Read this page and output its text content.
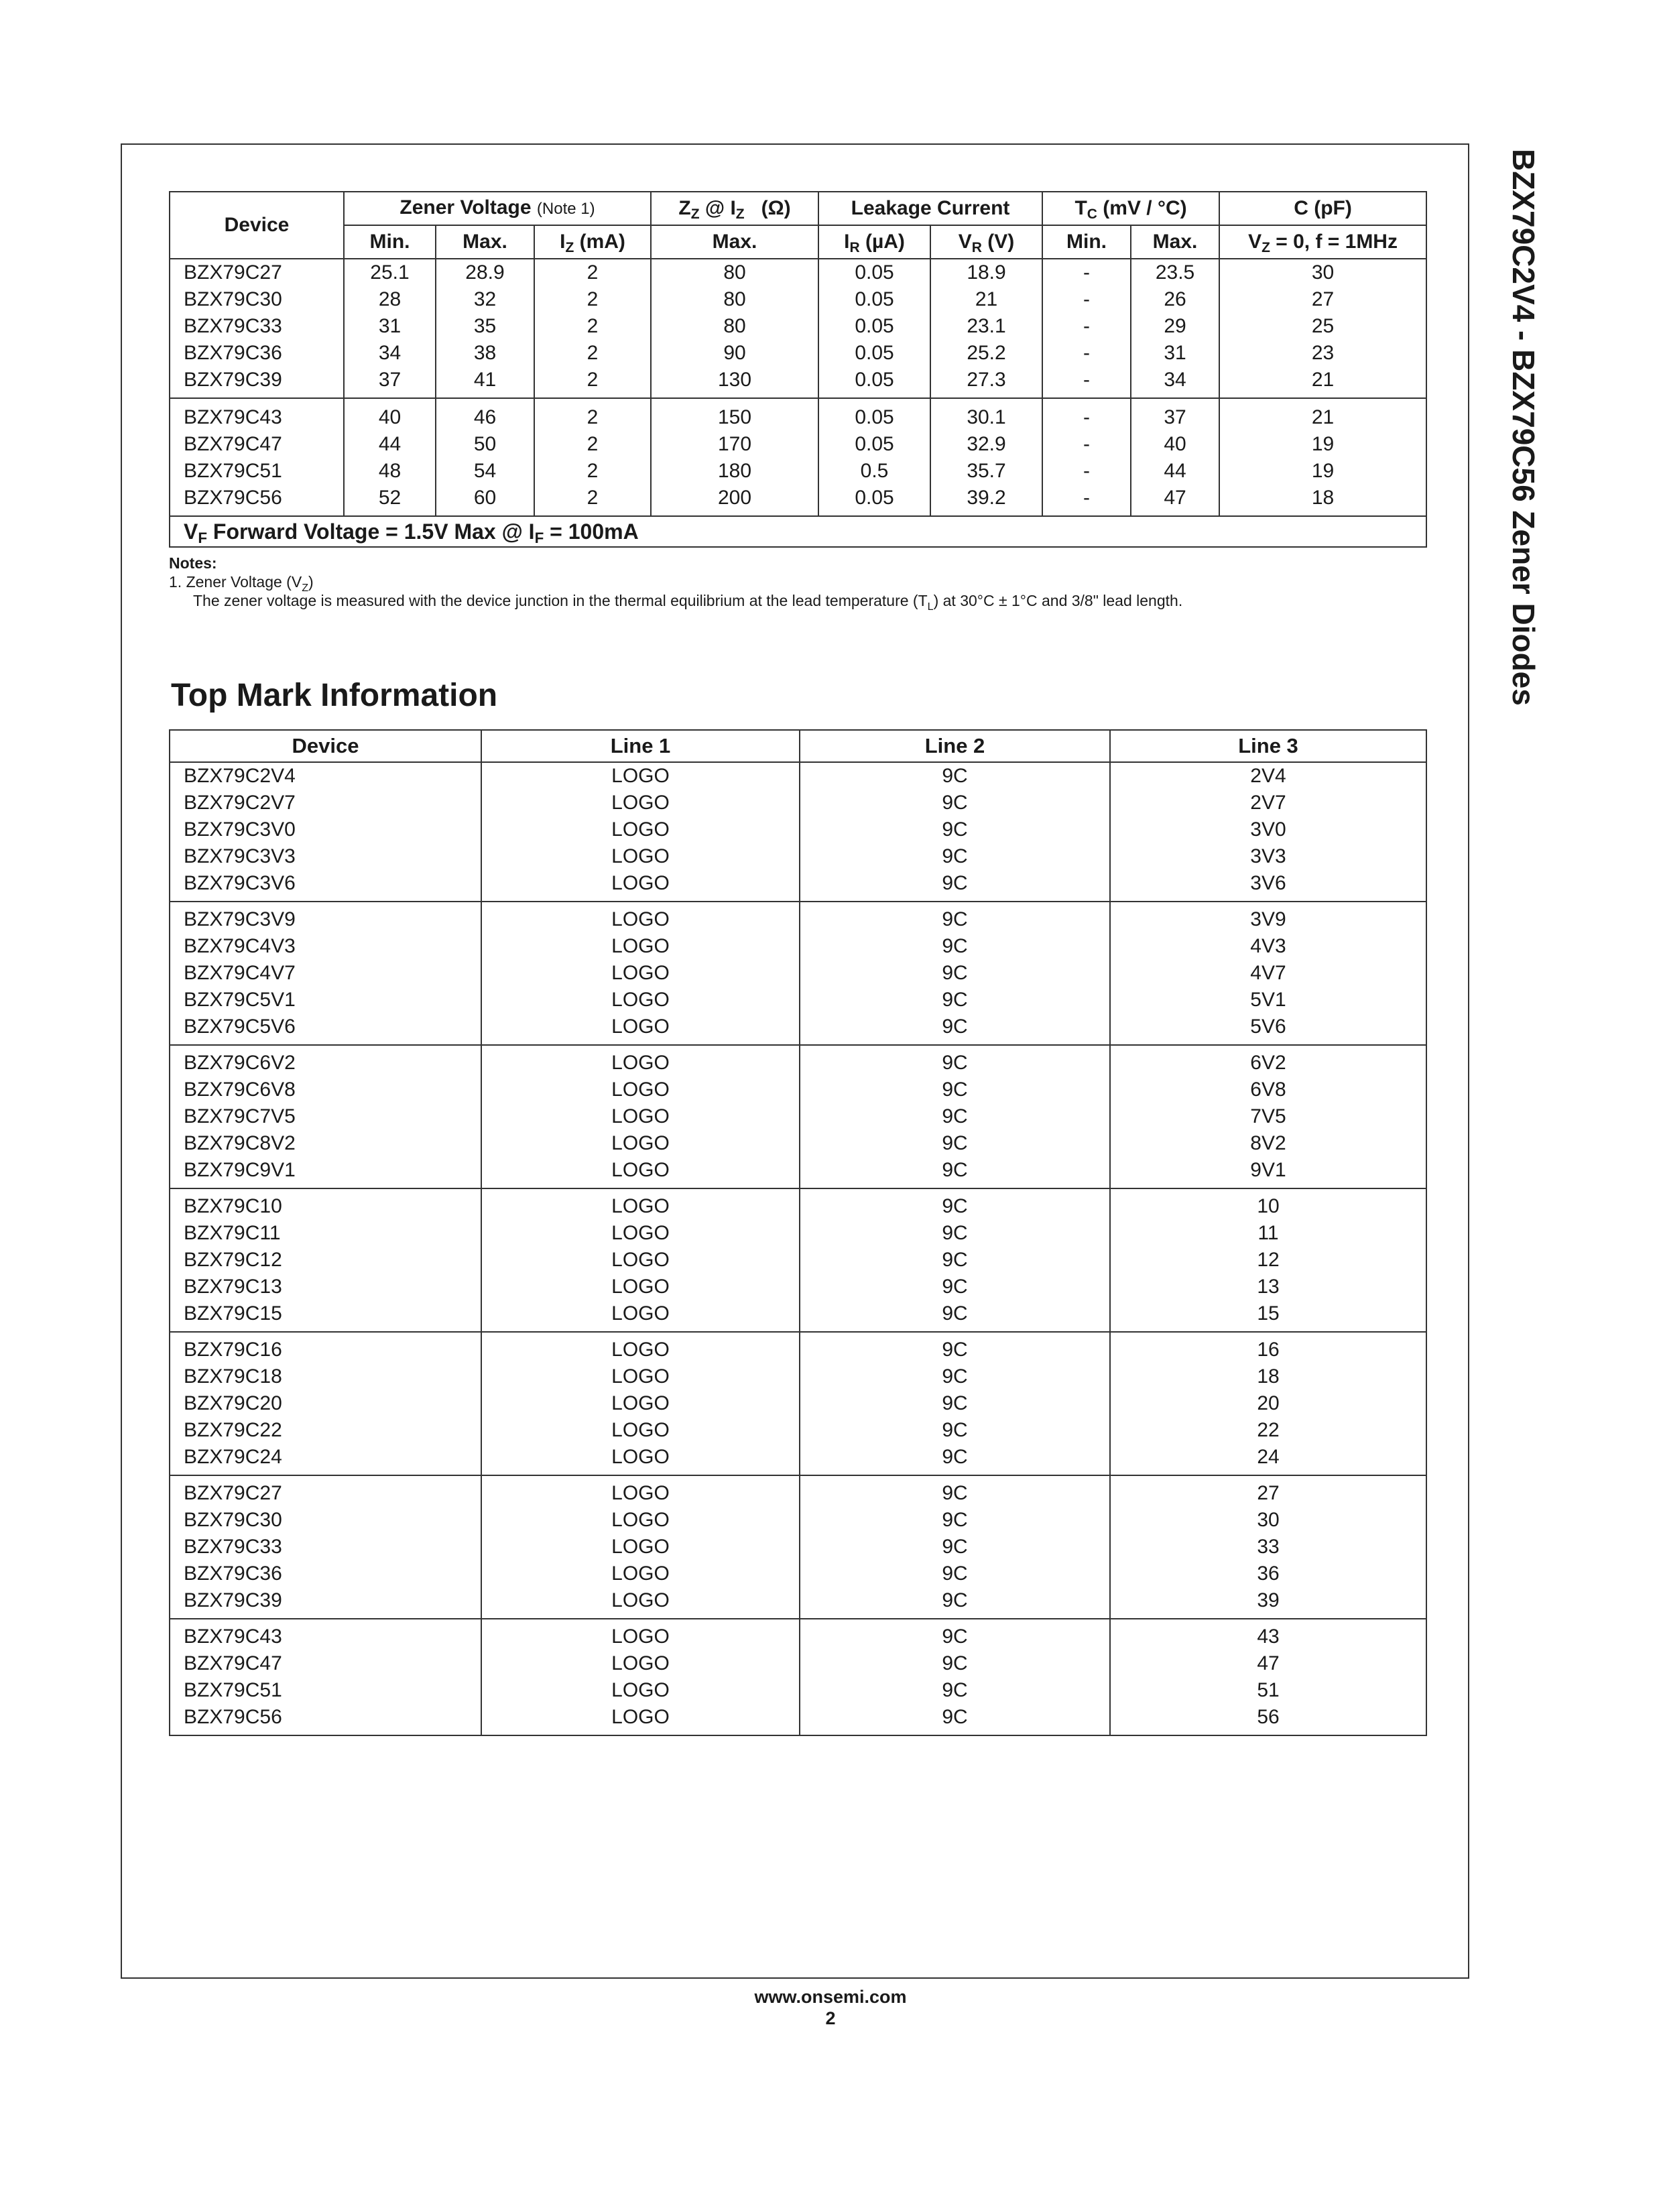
BZX79C2V4 - BZX79C56 Zener Diodes
Device	Zener Voltage (Note 1)			$Z_Z$ @ $I_Z$   (Ω)	Leakage Current		$T_C$ (mV / °C)		C (pF)
	Min.	Max.	$I_Z$ (mA)	Max.	$I_R$ (µA)	$V_R$ (V)	Min.	Max.	$V_Z = 0$, f = 1MHz
BZX79C27	25.1	28.9	2	80	0.05	18.9	-	23.5	30
BZX79C30	28	32	2	80	0.05	21	-	26	27
BZX79C33	31	35	2	80	0.05	23.1	-	29	25
BZX79C36	34	38	2	90	0.05	25.2	-	31	23
BZX79C39	37	41	2	130	0.05	27.3	-	34	21
BZX79C43	40	46	2	150	0.05	30.1	-	37	21
BZX79C47	44	50	2	170	0.05	32.9	-	40	19
BZX79C51	48	54	2	180	0.5	35.7	-	44	19
BZX79C56	52	60	2	200	0.05	39.2	-	47	18
$V_F$ Forward Voltage = 1.5V Max @ $I_F = 100mA$									
Notes:
1. Zener Voltage $(V_Z)$
The zener voltage is measured with the device junction in the thermal equilibrium at the lead temperature $(T_L)$ at 30°C ± 1°C and 3/8" lead length.
Top Mark Information
Device	Line 1	Line 2	Line 3
BZX79C2V4	LOGO	9C	2V4
BZX79C2V7	LOGO	9C	2V7
BZX79C3V0	LOGO	9C	3V0
BZX79C3V3	LOGO	9C	3V3
BZX79C3V6	LOGO	9C	3V6
BZX79C3V9	LOGO	9C	3V9
BZX79C4V3	LOGO	9C	4V3
BZX79C4V7	LOGO	9C	4V7
BZX79C5V1	LOGO	9C	5V1
BZX79C5V6	LOGO	9C	5V6
BZX79C6V2	LOGO	9C	6V2
BZX79C6V8	LOGO	9C	6V8
BZX79C7V5	LOGO	9C	7V5
BZX79C8V2	LOGO	9C	8V2
BZX79C9V1	LOGO	9C	9V1
BZX79C10	LOGO	9C	10
BZX79C11	LOGO	9C	11
BZX79C12	LOGO	9C	12
BZX79C13	LOGO	9C	13
BZX79C15	LOGO	9C	15
BZX79C16	LOGO	9C	16
BZX79C18	LOGO	9C	18
BZX79C20	LOGO	9C	20
BZX79C22	LOGO	9C	22
BZX79C24	LOGO	9C	24
BZX79C27	LOGO	9C	27
BZX79C30	LOGO	9C	30
BZX79C33	LOGO	9C	33
BZX79C36	LOGO	9C	36
BZX79C39	LOGO	9C	39
BZX79C43	LOGO	9C	43
BZX79C47	LOGO	9C	47
BZX79C51	LOGO	9C	51
BZX79C56	LOGO	9C	56
www.onsemi.com
2
